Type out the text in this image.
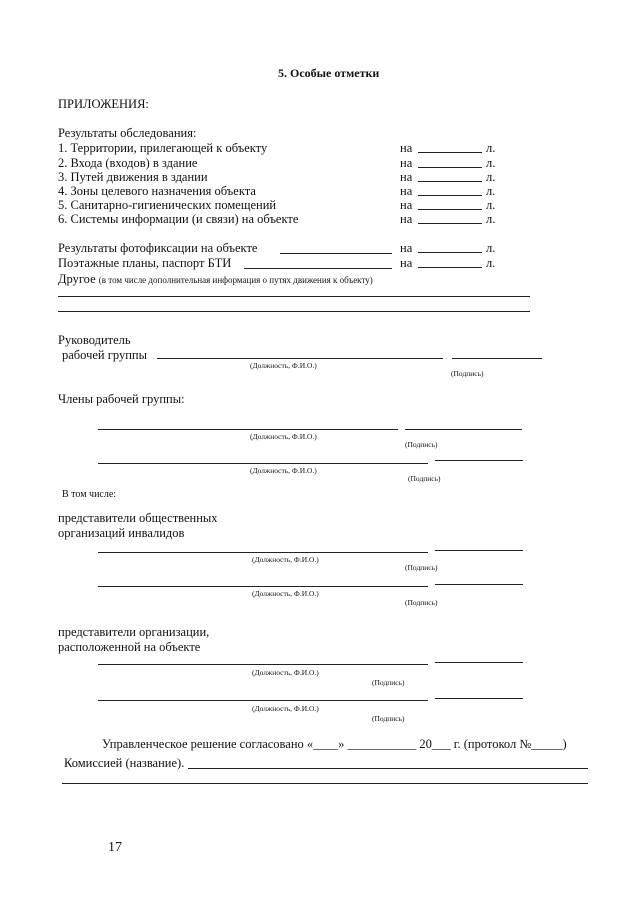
5. Особые отметки
ПРИЛОЖЕНИЯ:
Результаты обследования:
1. Территории, прилегающей к объекту	на	л.
2. Входа (входов) в здание	на	л.
3. Путей движения в здании	на	л.
4. Зоны целевого назначения объекта	на	л.
5. Санитарно-гигиенических помещений	на	л.
6. Системы информации (и связи) на объекте	на	л.
Результаты фотофиксации на объекте	на	л.
Поэтажные планы, паспорт БТИ	на	л.
Другое (в том числе дополнительная информация о путях движения к объекту)
Руководитель
рабочей группы
(Должность, Ф.И.О.)
(Подпись)
Члены рабочей группы:
(Должность, Ф.И.О.)
(Подпись)
(Должность, Ф.И.О.)
(Подпись)
В том числе:
представители общественных
организаций инвалидов
(Должность, Ф.И.О.)
(Подпись)
(Должность, Ф.И.О.)
(Подпись)
представители организации,
расположенной на объекте
(Должность, Ф.И.О.)
(Подпись)
(Должность, Ф.И.О.)
(Подпись)
Управленческое решение согласовано «____» ___________ 20___ г. (протокол №_____)
Комиссией (название).
17
